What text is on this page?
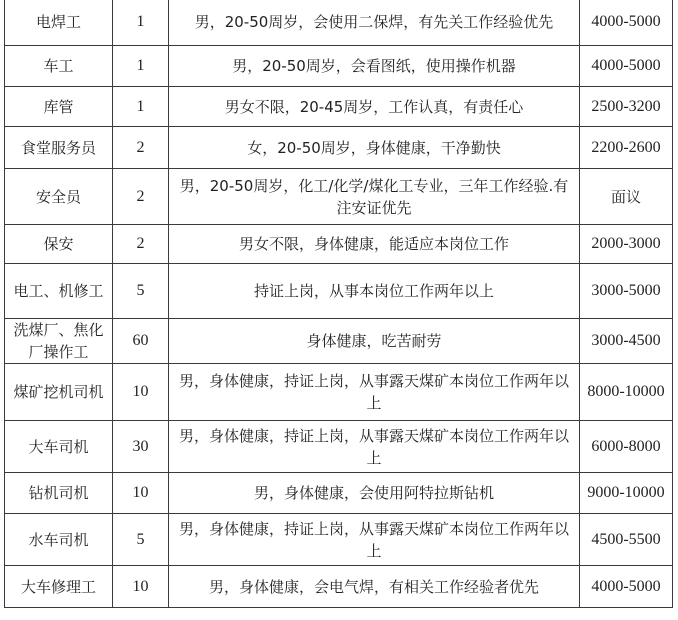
电焊工	1	男，20-50周岁，会使用二保焊，有先关工作经验优先	4000-5000
车工	1	男，20-50周岁，会看图纸，使用操作机器	4000-5000
库管	1	男女不限，20-45周岁，工作认真，有责任心	2500-3200
食堂服务员	2	女，20-50周岁，身体健康，干净勤快	2200-2600
安全员	2	男，20-50周岁，化工/化学/煤化工专业，三年工作经验.有注安证优先	面议
保安	2	男女不限，身体健康，能适应本岗位工作	2000-3000
电工、机修工	5	持证上岗，从事本岗位工作两年以上	3000-5000
洗煤厂、焦化厂操作工	60	身体健康，吃苦耐劳	3000-4500
煤矿挖机司机	10	男，身体健康，持证上岗，从事露天煤矿本岗位工作两年以上	8000-10000
大车司机	30	男，身体健康，持证上岗，从事露天煤矿本岗位工作两年以上	6000-8000
钻机司机	10	男，身体健康，会使用阿特拉斯钻机	9000-10000
水车司机	5	男，身体健康，持证上岗，从事露天煤矿本岗位工作两年以上	4500-5500
大车修理工	10	男，身体健康，会电气焊，有相关工作经验者优先	4000-5000
